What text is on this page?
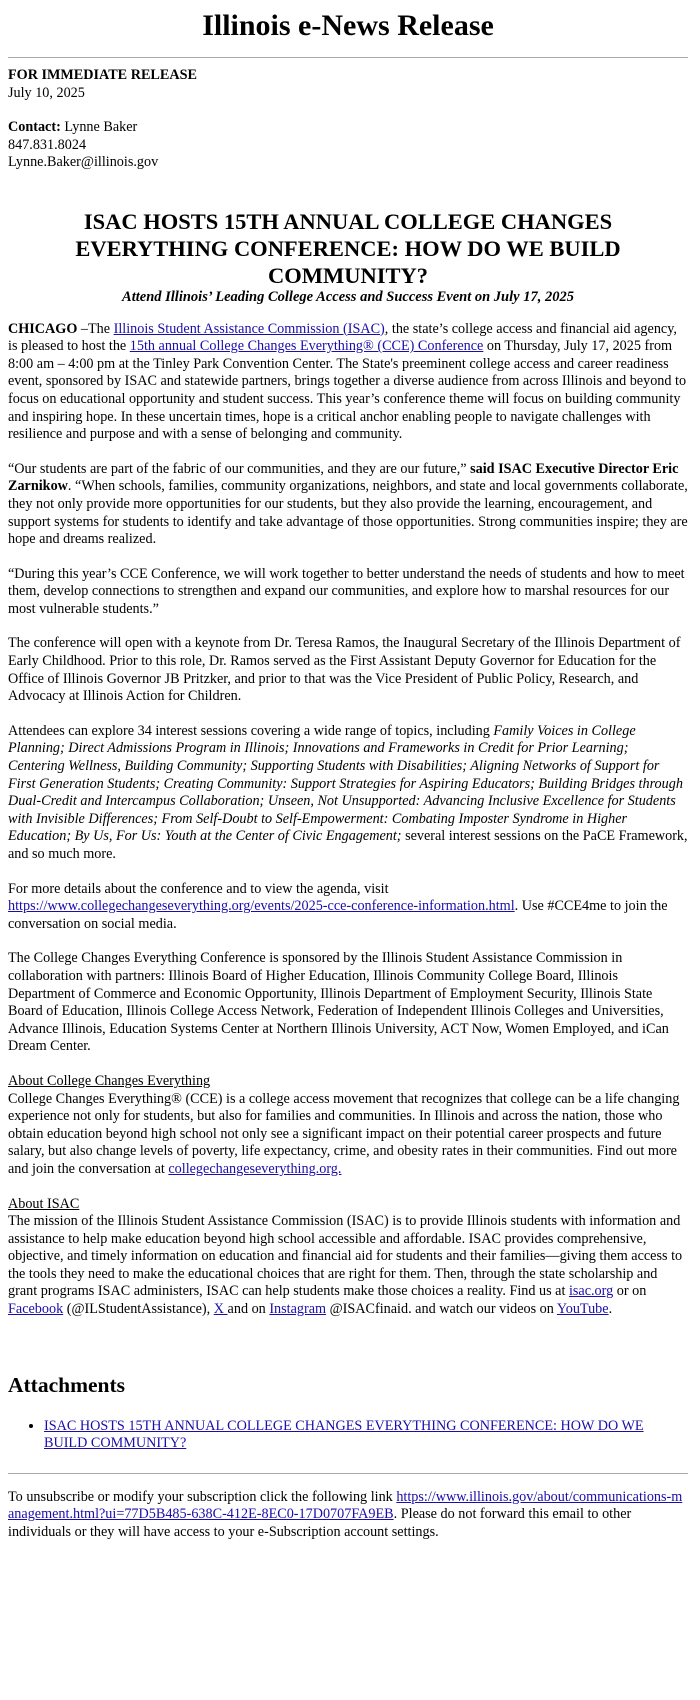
Illinois e-News Release
FOR IMMEDIATE RELEASE
July 10, 2025
Contact: Lynne Baker
847.831.8024
Lynne.Baker@illinois.gov
ISAC HOSTS 15TH ANNUAL COLLEGE CHANGES EVERYTHING CONFERENCE: HOW DO WE BUILD COMMUNITY?

Attend Illinois’ Leading College Access and Success Event on July 17, 2025

CHICAGO –The Illinois Student Assistance Commission (ISAC), the state’s college access and financial aid agency, is pleased to host the 15th annual College Changes Everything® (CCE) Conference on Thursday, July 17, 2025 from 8:00 am – 4:00 pm at the Tinley Park Convention Center. The State's preeminent college access and career readiness event, sponsored by ISAC and statewide partners, brings together a diverse audience from across Illinois and beyond to focus on educational opportunity and student success. This year’s conference theme will focus on building community and inspiring hope. In these uncertain times, hope is a critical anchor enabling people to navigate challenges with resilience and purpose and with a sense of belonging and community.

“Our students are part of the fabric of our communities, and they are our future,” said ISAC Executive Director Eric Zarnikow. “When schools, families, community organizations, neighbors, and state and local governments collaborate, they not only provide more opportunities for our students, but they also provide the learning, encouragement, and support systems for students to identify and take advantage of those opportunities. Strong communities inspire; they are hope and dreams realized.

“During this year’s CCE Conference, we will work together to better understand the needs of students and how to meet them, develop connections to strengthen and expand our communities, and explore how to marshal resources for our most vulnerable students.”

The conference will open with a keynote from Dr. Teresa Ramos, the Inaugural Secretary of the Illinois Department of Early Childhood. Prior to this role, Dr. Ramos served as the First Assistant Deputy Governor for Education for the Office of Illinois Governor JB Pritzker, and prior to that was the Vice President of Public Policy, Research, and Advocacy at Illinois Action for Children.

Attendees can explore 34 interest sessions covering a wide range of topics, including Family Voices in College Planning; Direct Admissions Program in Illinois; Innovations and Frameworks in Credit for Prior Learning; Centering Wellness, Building Community; Supporting Students with Disabilities; Aligning Networks of Support for First Generation Students; Creating Community: Support Strategies for Aspiring Educators; Building Bridges through Dual-Credit and Intercampus Collaboration; Unseen, Not Unsupported: Advancing Inclusive Excellence for Students with Invisible Differences; From Self-Doubt to Self-Empowerment: Combating Imposter Syndrome in Higher Education; By Us, For Us: Youth at the Center of Civic Engagement; several interest sessions on the PaCE Framework, and so much more.

For more details about the conference and to view the agenda, visit https://www.collegechangeseverything.org/events/2025-cce-conference-information.html. Use #CCE4me to join the conversation on social media.

The College Changes Everything Conference is sponsored by the Illinois Student Assistance Commission in collaboration with partners: Illinois Board of Higher Education, Illinois Community College Board, Illinois Department of Commerce and Economic Opportunity, Illinois Department of Employment Security, Illinois State Board of Education, Illinois College Access Network, Federation of Independent Illinois Colleges and Universities, Advance Illinois, Education Systems Center at Northern Illinois University, ACT Now, Women Employed, and iCan Dream Center.

About College Changes Everything

College Changes Everything® (CCE) is a college access movement that recognizes that college can be a life changing experience not only for students, but also for families and communities. In Illinois and across the nation, those who obtain education beyond high school not only see a significant impact on their potential career prospects and future salary, but also change levels of poverty, life expectancy, crime, and obesity rates in their communities. Find out more and join the conversation at collegechangeseverything.org.

About ISAC

The mission of the Illinois Student Assistance Commission (ISAC) is to provide Illinois students with information and assistance to help make education beyond high school accessible and affordable. ISAC provides comprehensive, objective, and timely information on education and financial aid for students and their families—giving them access to the tools they need to make the educational choices that are right for them. Then, through the state scholarship and grant programs ISAC administers, ISAC can help students make those choices a reality. Find us at isac.org or on Facebook (@ILStudentAssistance), X and on Instagram @ISACfinaid. and watch our videos on YouTube.

Attachments
• ISAC HOSTS 15TH ANNUAL COLLEGE CHANGES EVERYTHING CONFERENCE: HOW DO WE BUILD COMMUNITY?

To unsubscribe or modify your subscription click the following link https://www.illinois.gov/about/communications-management.html?ui=77D5B485-638C-412E-8EC0-17D0707FA9EB. Please do not forward this email to other individuals or they will have access to your e-Subscription account settings.
